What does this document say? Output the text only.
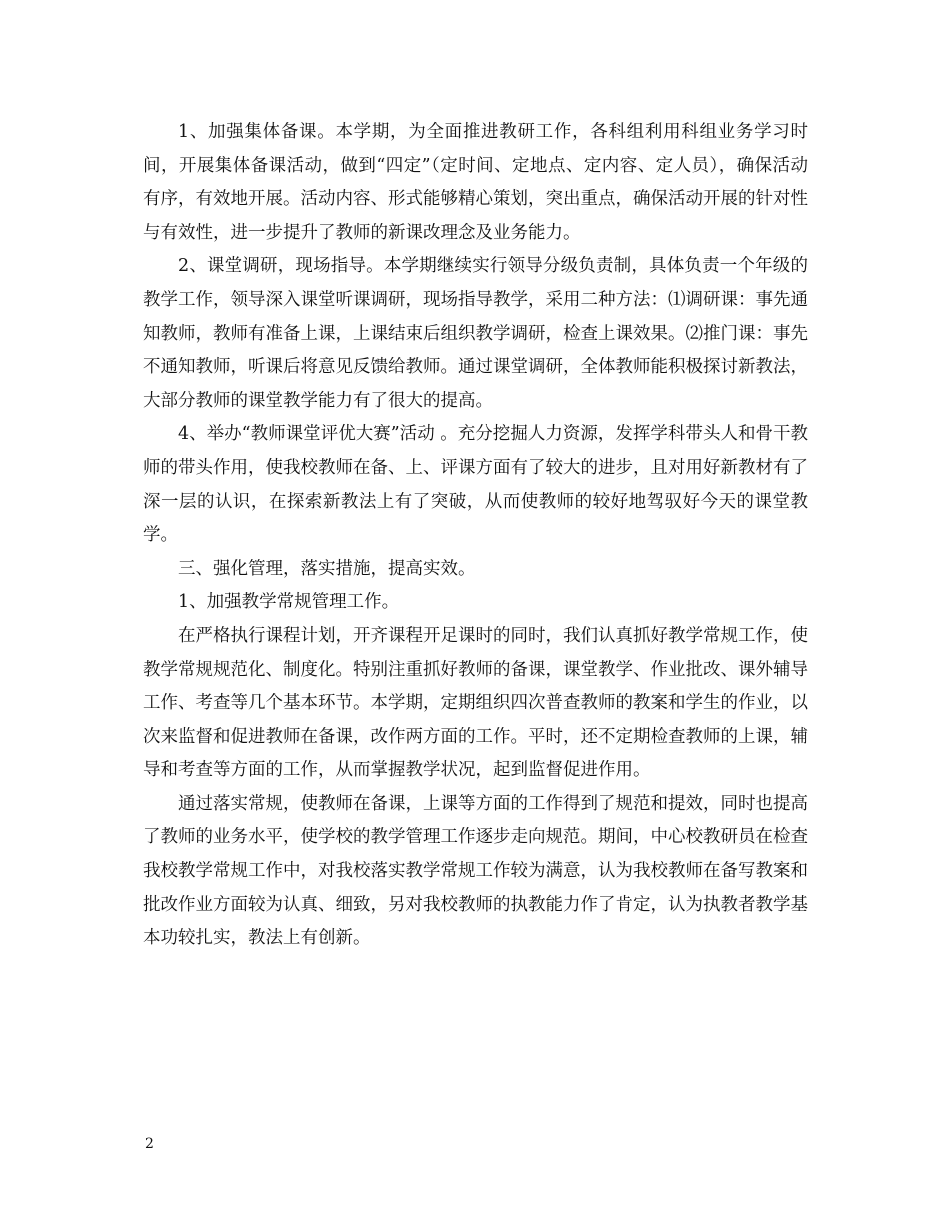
1、加强集体备课。本学期，为全面推进教研工作，各科组利用科组业务学习时间，开展集体备课活动，做到“四定”（定时间、定地点、定内容、定人员），确保活动有序，有效地开展。活动内容、形式能够精心策划，突出重点，确保活动开展的针对性与有效性，进一步提升了教师的新课改理念及业务能力。

2、课堂调研，现场指导。本学期继续实行领导分级负责制，具体负责一个年级的教学工作，领导深入课堂听课调研，现场指导教学，采用二种方法：⑴调研课：事先通知教师，教师有准备上课，上课结束后组织教学调研，检查上课效果。⑵推门课：事先不通知教师，听课后将意见反馈给教师。通过课堂调研，全体教师能积极探讨新教法，大部分教师的课堂教学能力有了很大的提高。

4、举办“教师课堂评优大赛”活动 。充分挖掘人力资源，发挥学科带头人和骨干教师的带头作用，使我校教师在备、上、评课方面有了较大的进步，且对用好新教材有了深一层的认识，在探索新教法上有了突破，从而使教师的较好地驾驭好今天的课堂教学。

三、强化管理，落实措施，提高实效。

1、加强教学常规管理工作。

在严格执行课程计划，开齐课程开足课时的同时，我们认真抓好教学常规工作，使教学常规规范化、制度化。特别注重抓好教师的备课，课堂教学、作业批改、课外辅导工作、考查等几个基本环节。本学期，定期组织四次普查教师的教案和学生的作业，以次来监督和促进教师在备课，改作两方面的工作。平时，还不定期检查教师的上课，辅导和考查等方面的工作，从而掌握教学状况，起到监督促进作用。

通过落实常规，使教师在备课，上课等方面的工作得到了规范和提效，同时也提高了教师的业务水平，使学校的教学管理工作逐步走向规范。期间，中心校教研员在检查我校教学常规工作中，对我校落实教学常规工作较为满意，认为我校教师在备写教案和批改作业方面较为认真、细致，另对我校教师的执教能力作了肯定，认为执教者教学基本功较扎实，教法上有创新。

2
